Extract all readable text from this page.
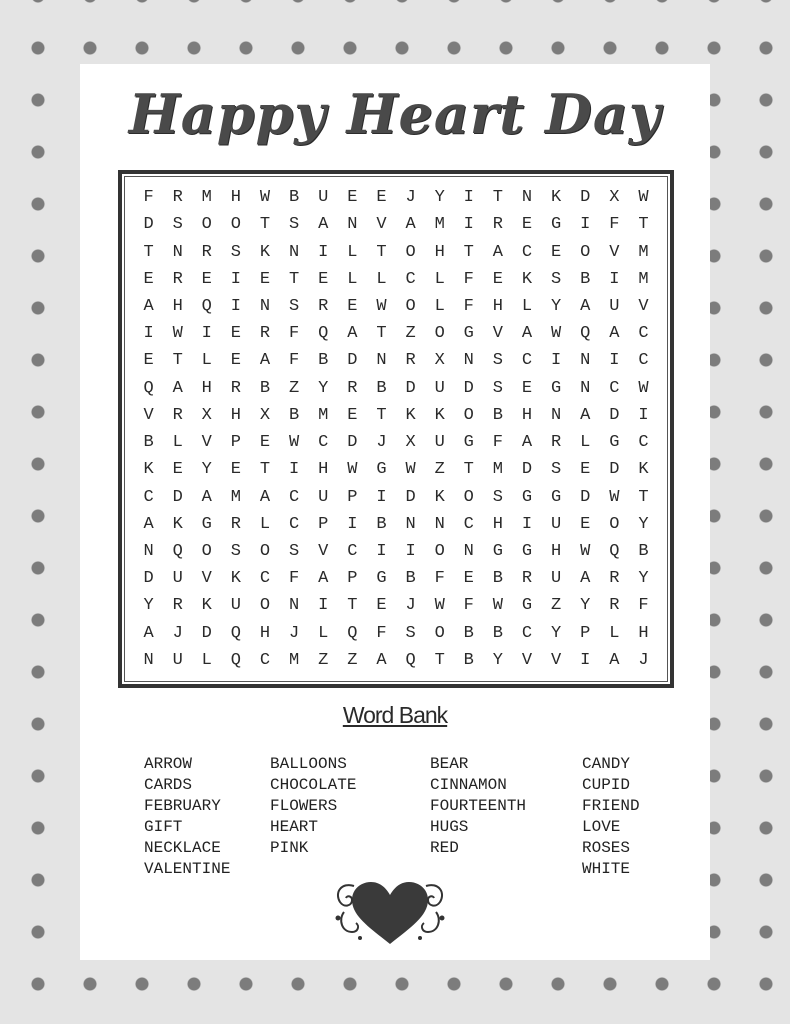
Happy Heart Day
F	R	M	H	W	B	U	E	E	J	Y	I	T	N	K	D	X	W
D	S	O	O	T	S	A	N	V	A	M	I	R	E	G	I	F	T
T	N	R	S	K	N	I	L	T	O	H	T	A	C	E	O	V	M
E	R	E	I	E	T	E	L	L	C	L	F	E	K	S	B	I	M
A	H	Q	I	N	S	R	E	W	O	L	F	H	L	Y	A	U	V
I	W	I	E	R	F	Q	A	T	Z	O	G	V	A	W	Q	A	C
E	T	L	E	A	F	B	D	N	R	X	N	S	C	I	N	I	C
Q	A	H	R	B	Z	Y	R	B	D	U	D	S	E	G	N	C	W
V	R	X	H	X	B	M	E	T	K	K	O	B	H	N	A	D	I
B	L	V	P	E	W	C	D	J	X	U	G	F	A	R	L	G	C
K	E	Y	E	T	I	H	W	G	W	Z	T	M	D	S	E	D	K
C	D	A	M	A	C	U	P	I	D	K	O	S	G	G	D	W	T
A	K	G	R	L	C	P	I	B	N	N	C	H	I	U	E	O	Y
N	Q	O	S	O	S	V	C	I	I	O	N	G	G	H	W	Q	B
D	U	V	K	C	F	A	P	G	B	F	E	B	R	U	A	R	Y
Y	R	K	U	O	N	I	T	E	J	W	F	W	G	Z	Y	R	F
A	J	D	Q	H	J	L	Q	F	S	O	B	B	C	Y	P	L	H
N	U	L	Q	C	M	Z	Z	A	Q	T	B	Y	V	V	I	A	J
Word Bank
ARROW
CARDS
FEBRUARY
GIFT
NECKLACE
VALENTINE
BALLOONS
CHOCOLATE
FLOWERS
HEART
PINK
BEAR
CINNAMON
FOURTEENTH
HUGS
RED
CANDY
CUPID
FRIEND
LOVE
ROSES
WHITE
